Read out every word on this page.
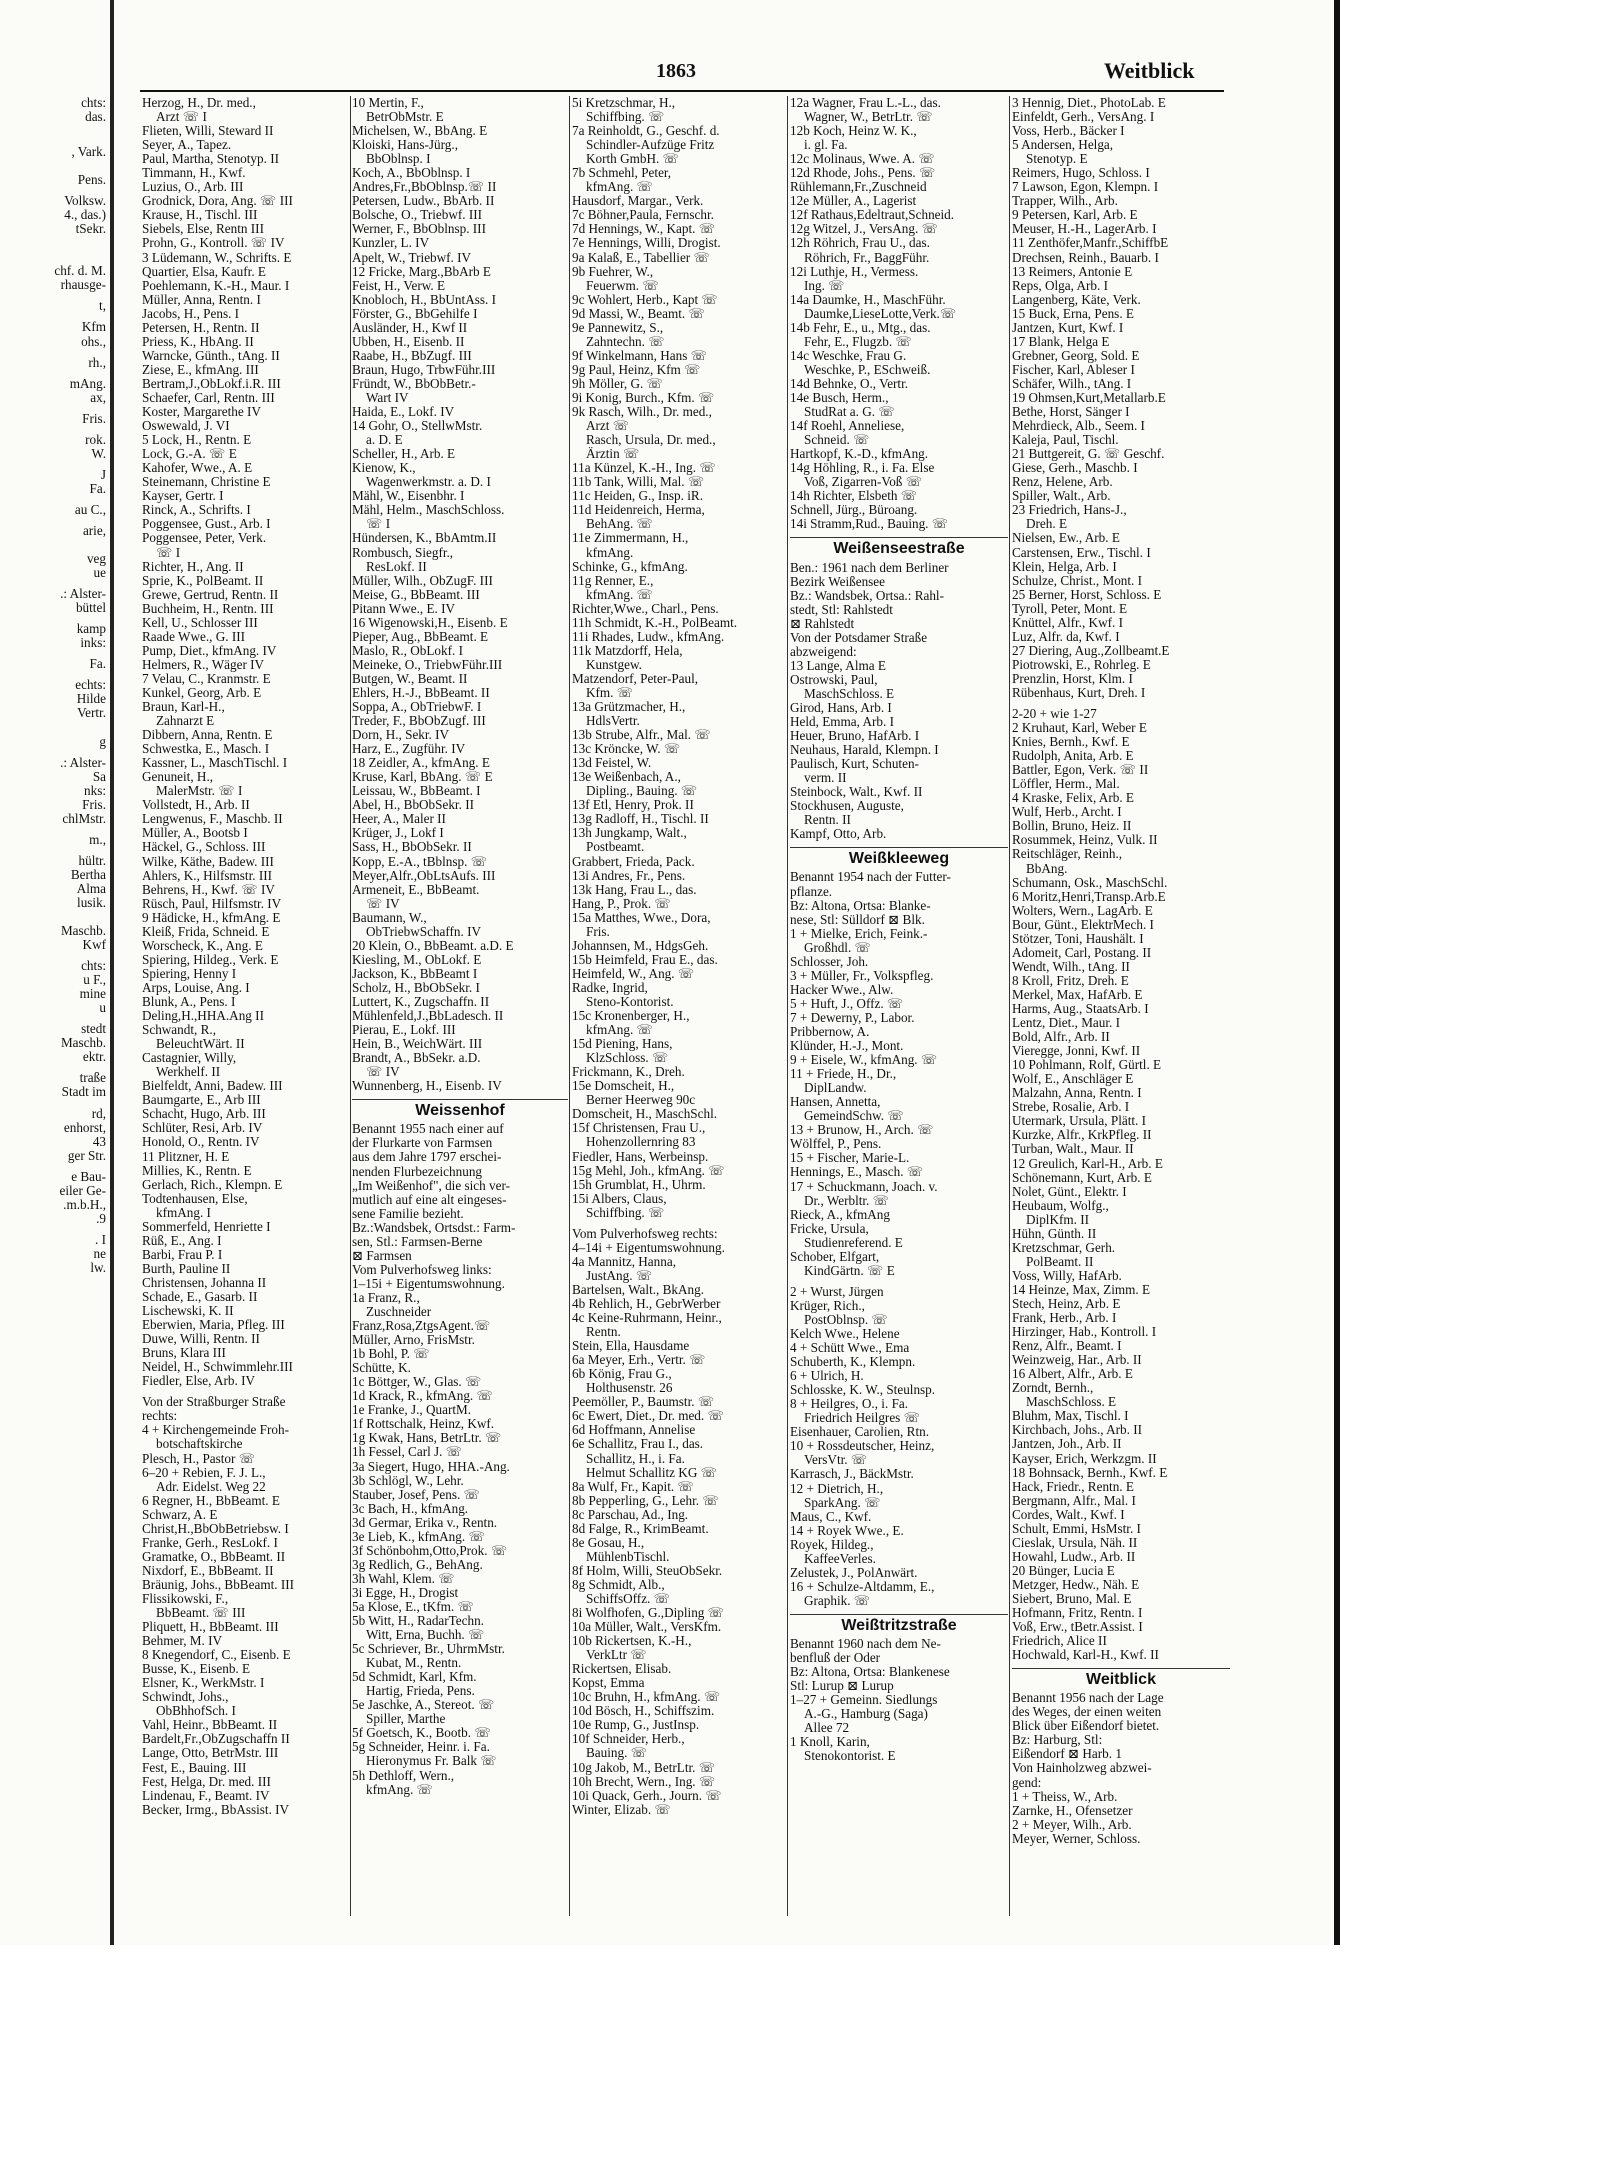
1863	Weitblick
chts:
das.
, Vark.
Pens.
Volksw.
4., das.)
tSekr.
chf. d. M.
rhausge-
t,
Kfm
ohs.,
rh.,
mAng.
ax,
Fris.
rok.
W.
J
Fa.
au C.,
arie,
veg
ue
.: Alster-
büttel
kamp
inks:
Fa.
echts:
Hilde
Vertr.
g
.: Alster-
Sa
nks:
Fris.
chlMstr.
m.,
hültr.
Bertha
Alma
lusik.
Maschb.
Kwf
chts:
u F.,
mine
u
stedt
Maschb.
ektr.
traße
Stadt im
rd,
enhorst,
43
ger Str.
e Bau-
eiler Ge-
.m.b.H.,
.9
. I
ne
lw.
Herzog, H., Dr. med.,
Arzt ☏ I
Flieten, Willi, Steward II
Seyer, A., Tapez.
Paul, Martha, Stenotyp. II
Timmann, H., Kwf.
Luzius, O., Arb. III
Grodnick, Dora, Ang. ☏ III
Krause, H., Tischl. III
Siebels, Else, Rentn III
Prohn, G., Kontroll. ☏ IV
3 Lüdemann, W., Schrifts. E
Quartier, Elsa, Kaufr. E
Poehlemann, K.-H., Maur. I
Müller, Anna, Rentn. I
Jacobs, H., Pens. I
Petersen, H., Rentn. II
Priess, K., HbAng. II
Warncke, Günth., tAng. II
Ziese, E., kfmAng. III
Bertram,J.,ObLokf.i.R. III
Schaefer, Carl, Rentn. III
Koster, Margarethe IV
Oswewald, J. VI
5 Lock, H., Rentn. E
Lock, G.-A. ☏ E
Kahofer, Wwe., A. E
Steinemann, Christine E
Kayser, Gertr. I
Rinck, A., Schrifts. I
Poggensee, Gust., Arb. I
Poggensee, Peter, Verk.
☏ I
Richter, H., Ang. II
Sprie, K., PolBeamt. II
Grewe, Gertrud, Rentn. II
Buchheim, H., Rentn. III
Kell, U., Schlosser III
Raade Wwe., G. III
Pump, Diet., kfmAng. IV
Helmers, R., Wäger IV
7 Velau, C., Kranmstr. E
Kunkel, Georg, Arb. E
Braun, Karl-H.,
Zahnarzt E
Dibbern, Anna, Rentn. E
Schwestka, E., Masch. I
Kassner, L., MaschTischl. I
Genuneit, H.,
MalerMstr. ☏ I
Vollstedt, H., Arb. II
Lengwenus, F., Maschb. II
Müller, A., Bootsb I
Häckel, G., Schloss. III
Wilke, Käthe, Badew. III
Ahlers, K., Hilfsmstr. III
Behrens, H., Kwf. ☏ IV
Rüsch, Paul, Hilfsmstr. IV
9 Hädicke, H., kfmAng. E
Kleiß, Frida, Schneid. E
Worscheck, K., Ang. E
Spiering, Hildeg., Verk. E
Spiering, Henny I
Arps, Louise, Ang. I
Blunk, A., Pens. I
Deling,H.,HHA.Ang II
Schwandt, R.,
BeleuchtWärt. II
Castagnier, Willy,
Werkhelf. II
Bielfeldt, Anni, Badew. III
Baumgarte, E., Arb III
Schacht, Hugo, Arb. III
Schlüter, Resi, Arb. IV
Honold, O., Rentn. IV
11 Plitzner, H. E
Millies, K., Rentn. E
Gerlach, Rich., Klempn. E
Todtenhausen, Else,
kfmAng. I
Sommerfeld, Henriette I
Rüß, E., Ang. I
Barbi, Frau P. I
Burth, Pauline II
Christensen, Johanna II
Schade, E., Gasarb. II
Lischewski, K. II
Eberwien, Maria, Pfleg. III
Duwe, Willi, Rentn. II
Bruns, Klara III
Neidel, H., Schwimmlehr.III
Fiedler, Else, Arb. IV
Von der Straßburger Straße
rechts:
4 + Kirchengemeinde Froh-
botschaftskirche
Plesch, H., Pastor ☏
6–20 + Rebien, F. J. L.,
Adr. Eidelst. Weg 22
6 Regner, H., BbBeamt. E
Schwarz, A. E
Christ,H.,BbObBetriebsw. I
Franke, Gerh., ResLokf. I
Gramatke, O., BbBeamt. II
Nixdorf, E., BbBeamt. II
Bräunig, Johs., BbBeamt. III
Flissikowski, F.,
BbBeamt. ☏ III
Pliquett, H., BbBeamt. III
Behmer, M. IV
8 Knegendorf, C., Eisenb. E
Busse, K., Eisenb. E
Elsner, K., WerkMstr. I
Schwindt, Johs.,
ObBhhofSch. I
Vahl, Heinr., BbBeamt. II
Bardelt,Fr.,ObZugschaffn II
Lange, Otto, BetrMstr. III
Fest, E., Bauing. III
Fest, Helga, Dr. med. III
Lindenau, F., Beamt. IV
Becker, Irmg., BbAssist. IV
10 Mertin, F.,
BetrObMstr. E
Michelsen, W., BbAng. E
Kloiski, Hans-Jürg.,
BbOblnsp. I
Koch, A., BbOblnsp. I
Andres,Fr.,BbOblnsp.☏ II
Petersen, Ludw., BbArb. II
Bolsche, O., Triebwf. III
Werner, F., BbOblnsp. III
Kunzler, L. IV
Apelt, W., Triebwf. IV
12 Fricke, Marg.,BbArb E
Feist, H., Verw. E
Knobloch, H., BbUntAss. I
Förster, G., BbGehilfe I
Ausländer, H., Kwf II
Ubben, H., Eisenb. II
Raabe, H., BbZugf. III
Braun, Hugo, TrbwFühr.III
Fründt, W., BbObBetr.-
Wart IV
Haida, E., Lokf. IV
14 Gohr, O., StellwMstr.
a. D. E
Scheller, H., Arb. E
Kienow, K.,
Wagenwerkmstr. a. D. I
Mähl, W., Eisenbhr. I
Mähl, Helm., MaschSchloss.
☏ I
Hündersen, K., BbAmtm.II
Rombusch, Siegfr.,
ResLokf. II
Müller, Wilh., ObZugF. III
Meise, G., BbBeamt. III
Pitann Wwe., E. IV
16 Wigenowski,H., Eisenb. E
Pieper, Aug., BbBeamt. E
Maslo, R., ObLokf. I
Meineke, O., TriebwFühr.III
Butgen, W., Beamt. II
Ehlers, H.-J., BbBeamt. II
Soppa, A., ObTriebwF. I
Treder, F., BbObZugf. III
Dorn, H., Sekr. IV
Harz, E., Zugführ. IV
18 Zeidler, A., kfmAng. E
Kruse, Karl, BbAng. ☏ E
Leissau, W., BbBeamt. I
Abel, H., BbObSekr. II
Heer, A., Maler II
Krüger, J., Lokf I
Sass, H., BbObSekr. II
Kopp, E.-A., tBblnsp. ☏
Meyer,Alfr.,ObLtsAufs. III
Armeneit, E., BbBeamt.
☏ IV
Baumann, W.,
ObTriebwSchaffn. IV
20 Klein, O., BbBeamt. a.D. E
Kiesling, M., ObLokf. E
Jackson, K., BbBeamt I
Scholz, H., BbObSekr. I
Luttert, K., Zugschaffn. II
Mühlenfeld,J.,BbLadesch. II
Pierau, E., Lokf. III
Hein, B., WeichWärt. III
Brandt, A., BbSekr. a.D.
☏ IV
Wunnenberg, H., Eisenb. IV
Weissenhof
Benannt 1955 nach einer auf
der Flurkarte von Farmsen
aus dem Jahre 1797 erschei-
nenden Flurbezeichnung
„Im Weißenhof", die sich ver-
mutlich auf eine alt eingeses-
sene Familie bezieht.
Bz.:Wandsbek, Ortsdst.: Farm-
sen, Stl.: Farmsen-Berne
⊠ Farmsen
Vom Pulverhofsweg links:
1–15i + Eigentumswohnung.
1a Franz, R.,
Zuschneider
Franz,Rosa,ZtgsAgent.☏
Müller, Arno, FrisMstr.
1b Bohl, P. ☏
Schütte, K.
1c Böttger, W., Glas. ☏
1d Krack, R., kfmAng. ☏
1e Franke, J., QuartM.
1f Rottschalk, Heinz, Kwf.
1g Kwak, Hans, BetrLtr. ☏
1h Fessel, Carl J. ☏
3a Siegert, Hugo, HHA.-Ang.
3b Schlögl, W., Lehr.
Stauber, Josef, Pens. ☏
3c Bach, H., kfmAng.
3d Germar, Erika v., Rentn.
3e Lieb, K., kfmAng. ☏
3f Schönbohm,Otto,Prok. ☏
3g Redlich, G., BehAng.
3h Wahl, Klem. ☏
3i Egge, H., Drogist
5a Klose, E., tKfm. ☏
5b Witt, H., RadarTechn.
Witt, Erna, Buchh. ☏
5c Schriever, Br., UhrmMstr.
Kubat, M., Rentn.
5d Schmidt, Karl, Kfm.
Hartig, Frieda, Pens.
5e Jaschke, A., Stereot. ☏
Spiller, Marthe
5f Goetsch, K., Bootb. ☏
5g Schneider, Heinr. i. Fa.
Hieronymus Fr. Balk ☏
5h Dethloff, Wern.,
kfmAng. ☏
5i Kretzschmar, H.,
Schiffbing. ☏
7a Reinholdt, G., Geschf. d.
Schindler-Aufzüge Fritz
Korth GmbH. ☏
7b Schmehl, Peter,
kfmAng. ☏
Hausdorf, Margar., Verk.
7c Böhner,Paula, Fernschr.
7d Hennings, W., Kapt. ☏
7e Hennings, Willi, Drogist.
9a Kalaß, E., Tabellier ☏
9b Fuehrer, W.,
Feuerwm. ☏
9c Wohlert, Herb., Kapt ☏
9d Massi, W., Beamt. ☏
9e Pannewitz, S.,
Zahntechn. ☏
9f Winkelmann, Hans ☏
9g Paul, Heinz, Kfm ☏
9h Möller, G. ☏
9i Konig, Burch., Kfm. ☏
9k Rasch, Wilh., Dr. med.,
Arzt ☏
Rasch, Ursula, Dr. med.,
Ärztin ☏
11a Künzel, K.-H., Ing. ☏
11b Tank, Willi, Mal. ☏
11c Heiden, G., Insp. iR.
11d Heidenreich, Herma,
BehAng. ☏
11e Zimmermann, H.,
kfmAng.
Schinke, G., kfmAng.
11g Renner, E.,
kfmAng. ☏
Richter,Wwe., Charl., Pens.
11h Schmidt, K.-H., PolBeamt.
11i Rhades, Ludw., kfmAng.
11k Matzdorff, Hela,
Kunstgew.
Matzendorf, Peter-Paul,
Kfm. ☏
13a Grützmacher, H.,
HdlsVertr.
13b Strube, Alfr., Mal. ☏
13c Kröncke, W. ☏
13d Feistel, W.
13e Weißenbach, A.,
Dipling., Bauing. ☏
13f Etl, Henry, Prok. II
13g Radloff, H., Tischl. II
13h Jungkamp, Walt.,
Postbeamt.
Grabbert, Frieda, Pack.
13i Andres, Fr., Pens.
13k Hang, Frau L., das.
Hang, P., Prok. ☏
15a Matthes, Wwe., Dora,
Fris.
Johannsen, M., HdgsGeh.
15b Heimfeld, Frau E., das.
Heimfeld, W., Ang. ☏
Radke, Ingrid,
Steno-Kontorist.
15c Kronenberger, H.,
kfmAng. ☏
15d Piening, Hans,
KlzSchloss. ☏
Frickmann, K., Dreh.
15e Domscheit, H.,
Berner Heerweg 90c
Domscheit, H., MaschSchl.
15f Christensen, Frau U.,
Hohenzollernring 83
Fiedler, Hans, Werbeinsp.
15g Mehl, Joh., kfmAng. ☏
15h Grumblat, H., Uhrm.
15i Albers, Claus,
Schiffbing. ☏
Vom Pulverhofsweg rechts:
4–14i + Eigentumswohnung.
4a Mannitz, Hanna,
JustAng. ☏
Bartelsen, Walt., BkAng.
4b Rehlich, H., GebrWerber
4c Keine-Ruhrmann, Heinr.,
Rentn.
Stein, Ella, Hausdame
6a Meyer, Erh., Vertr. ☏
6b König, Frau G.,
Holthusenstr. 26
Peemöller, P., Baumstr. ☏
6c Ewert, Diet., Dr. med. ☏
6d Hoffmann, Annelise
6e Schallitz, Frau I., das.
Schallitz, H., i. Fa.
Helmut Schallitz KG ☏
8a Wulf, Fr., Kapit. ☏
8b Pepperling, G., Lehr. ☏
8c Parschau, Ad., Ing.
8d Falge, R., KrimBeamt.
8e Gosau, H.,
MühlenbTischl.
8f Holm, Willi, SteuObSekr.
8g Schmidt, Alb.,
SchiffsOffz. ☏
8i Wolfhofen, G.,Dipling ☏
10a Müller, Walt., VersKfm.
10b Rickertsen, K.-H.,
VerkLtr ☏
Rickertsen, Elisab.
Kopst, Emma
10c Bruhn, H., kfmAng. ☏
10d Bösch, H., Schiffszim.
10e Rump, G., JustInsp.
10f Schneider, Herb.,
Bauing. ☏
10g Jakob, M., BetrLtr. ☏
10h Brecht, Wern., Ing. ☏
10i Quack, Gerh., Journ. ☏
Winter, Elizab. ☏
12a Wagner, Frau L.-L., das.
Wagner, W., BetrLtr. ☏
12b Koch, Heinz W. K.,
i. gl. Fa.
12c Molinaus, Wwe. A. ☏
12d Rhode, Johs., Pens. ☏
Rühlemann,Fr.,Zuschneid
12e Müller, A., Lagerist
12f Rathaus,Edeltraut,Schneid.
12g Witzel, J., VersAng. ☏
12h Röhrich, Frau U., das.
Röhrich, Fr., BaggFühr.
12i Luthje, H., Vermess.
Ing. ☏
14a Daumke, H., MaschFühr.
Daumke,LieseLotte,Verk.☏
14b Fehr, E., u., Mtg., das.
Fehr, E., Flugzb. ☏
14c Weschke, Frau G.
Weschke, P., ESchweiß.
14d Behnke, O., Vertr.
14e Busch, Herm.,
StudRat a. G. ☏
14f Roehl, Anneliese,
Schneid. ☏
Hartkopf, K.-D., kfmAng.
14g Höhling, R., i. Fa. Else
Voß, Zigarren-Voß ☏
14h Richter, Elsbeth ☏
Schnell, Jürg., Büroang.
14i Stramm,Rud., Bauing. ☏
Weißenseestraße
Ben.: 1961 nach dem Berliner
Bezirk Weißensee
Bz.: Wandsbek, Ortsa.: Rahl-
stedt, Stl: Rahlstedt
⊠ Rahlstedt
Von der Potsdamer Straße
abzweigend:
13 Lange, Alma E
Ostrowski, Paul,
MaschSchloss. E
Girod, Hans, Arb. I
Held, Emma, Arb. I
Heuer, Bruno, HafArb. I
Neuhaus, Harald, Klempn. I
Paulisch, Kurt, Schuten-
verm. II
Steinbock, Walt., Kwf. II
Stockhusen, Auguste,
Rentn. II
Kampf, Otto, Arb.
Weißkleeweg
Benannt 1954 nach der Futter-
pflanze.
Bz: Altona, Ortsa: Blanke-
nese, Stl: Sülldorf ⊠ Blk.
1 + Mielke, Erich, Feink.-
Großhdl. ☏
Schlosser, Joh.
3 + Müller, Fr., Volkspfleg.
Hacker Wwe., Alw.
5 + Huft, J., Offz. ☏
7 + Dewerny, P., Labor.
Pribbernow, A.
Klünder, H.-J., Mont.
9 + Eisele, W., kfmAng. ☏
11 + Friede, H., Dr.,
DiplLandw.
Hansen, Annetta,
GemeindSchw. ☏
13 + Brunow, H., Arch. ☏
Wölffel, P., Pens.
15 + Fischer, Marie-L.
Hennings, E., Masch. ☏
17 + Schuckmann, Joach. v.
Dr., Werbltr. ☏
Rieck, A., kfmAng
Fricke, Ursula,
Studienreferend. E
Schober, Elfgart,
KindGärtn. ☏ E
2 + Wurst, Jürgen
Krüger, Rich.,
PostOblnsp. ☏
Kelch Wwe., Helene
4 + Schütt Wwe., Ema
Schuberth, K., Klempn.
6 + Ulrich, H.
Schlosske, K. W., Steulnsp.
8 + Heilgres, O., i. Fa.
Friedrich Heilgres ☏
Eisenhauer, Carolien, Rtn.
10 + Rossdeutscher, Heinz,
VersVtr. ☏
Karrasch, J., BäckMstr.
12 + Dietrich, H.,
SparkAng. ☏
Maus, C., Kwf.
14 + Royek Wwe., E.
Royek, Hildeg.,
KaffeeVerles.
Zelustek, J., PolAnwärt.
16 + Schulze-Altdamm, E.,
Graphik. ☏
Weißtritzstraße
Benannt 1960 nach dem Ne-
benfluß der Oder
Bz: Altona, Ortsa: Blankenese
Stl: Lurup ⊠ Lurup
1–27 + Gemeinn. Siedlungs
A.-G., Hamburg (Saga)
Allee 72
1 Knoll, Karin,
Stenokontorist. E
3 Hennig, Diet., PhotoLab. E
Einfeldt, Gerh., VersAng. I
Voss, Herb., Bäcker I
5 Andersen, Helga,
Stenotyp. E
Reimers, Hugo, Schloss. I
7 Lawson, Egon, Klempn. I
Trapper, Wilh., Arb.
9 Petersen, Karl, Arb. E
Meuser, H.-H., LagerArb. I
11 Zenthöfer,Manfr.,SchiffbE
Drechsen, Reinh., Bauarb. I
13 Reimers, Antonie E
Reps, Olga, Arb. I
Langenberg, Käte, Verk.
15 Buck, Erna, Pens. E
Jantzen, Kurt, Kwf. I
17 Blank, Helga E
Grebner, Georg, Sold. E
Fischer, Karl, Ableser I
Schäfer, Wilh., tAng. I
19 Ohmsen,Kurt,Metallarb.E
Bethe, Horst, Sänger I
Mehrdieck, Alb., Seem. I
Kaleja, Paul, Tischl.
21 Buttgereit, G. ☏ Geschf.
Giese, Gerh., Maschb. I
Renz, Helene, Arb.
Spiller, Walt., Arb.
23 Friedrich, Hans-J.,
Dreh. E
Nielsen, Ew., Arb. E
Carstensen, Erw., Tischl. I
Klein, Helga, Arb. I
Schulze, Christ., Mont. I
25 Berner, Horst, Schloss. E
Tyroll, Peter, Mont. E
Knüttel, Alfr., Kwf. I
Luz, Alfr. da, Kwf. I
27 Diering, Aug.,Zollbeamt.E
Piotrowski, E., Rohrleg. E
Prenzlin, Horst, Klm. I
Rübenhaus, Kurt, Dreh. I
2-20 + wie 1-27
2 Kruhaut, Karl, Weber E
Knies, Bernh., Kwf. E
Rudolph, Anita, Arb. E
Battler, Egon, Verk. ☏ II
Löffler, Herm., Mal.
4 Kraske, Felix, Arb. E
Wulf, Herb., Archt. I
Bollin, Bruno, Heiz. II
Rosummek, Heinz, Vulk. II
Reitschläger, Reinh.,
BbAng.
Schumann, Osk., MaschSchl.
6 Moritz,Henri,Transp.Arb.E
Wolters, Wern., LagArb. E
Bour, Günt., ElektrMech. I
Stötzer, Toni, Haushält. I
Adomeit, Carl, Postang. II
Wendt, Wilh., tAng. II
8 Kroll, Fritz, Dreh. E
Merkel, Max, HafArb. E
Harms, Aug., StaatsArb. I
Lentz, Diet., Maur. I
Bold, Alfr., Arb. II
Vieregge, Jonni, Kwf. II
10 Pohlmann, Rolf, Gürtl. E
Wolf, E., Anschläger E
Malzahn, Anna, Rentn. I
Strebe, Rosalie, Arb. I
Utermark, Ursula, Plätt. I
Kurzke, Alfr., KrkPfleg. II
Turban, Walt., Maur. II
12 Greulich, Karl-H., Arb. E
Schönemann, Kurt, Arb. E
Nolet, Günt., Elektr. I
Heubaum, Wolfg.,
DiplKfm. II
Hühn, Günth. II
Kretzschmar, Gerh.
PolBeamt. II
Voss, Willy, HafArb.
14 Heinze, Max, Zimm. E
Stech, Heinz, Arb. E
Frank, Herb., Arb. I
Hirzinger, Hab., Kontroll. I
Renz, Alfr., Beamt. I
Weinzweig, Har., Arb. II
16 Albert, Alfr., Arb. E
Zorndt, Bernh.,
MaschSchloss. E
Bluhm, Max, Tischl. I
Kirchbach, Johs., Arb. II
Jantzen, Joh., Arb. II
Kayser, Erich, Werkzgm. II
18 Bohnsack, Bernh., Kwf. E
Hack, Friedr., Rentn. E
Bergmann, Alfr., Mal. I
Cordes, Walt., Kwf. I
Schult, Emmi, HsMstr. I
Cieslak, Ursula, Näh. II
Howahl, Ludw., Arb. II
20 Bünger, Lucia E
Metzger, Hedw., Näh. E
Siebert, Bruno, Mal. E
Hofmann, Fritz, Rentn. I
Voß, Erw., tBetr.Assist. I
Friedrich, Alice II
Hochwald, Karl-H., Kwf. II
Weitblick
Benannt 1956 nach der Lage
des Weges, der einen weiten
Blick über Eißendorf bietet.
Bz: Harburg, Stl:
Eißendorf ⊠ Harb. 1
Von Hainholzweg abzwei-
gend:
1 + Theiss, W., Arb.
Zarnke, H., Ofensetzer
2 + Meyer, Wilh., Arb.
Meyer, Werner, Schloss.
